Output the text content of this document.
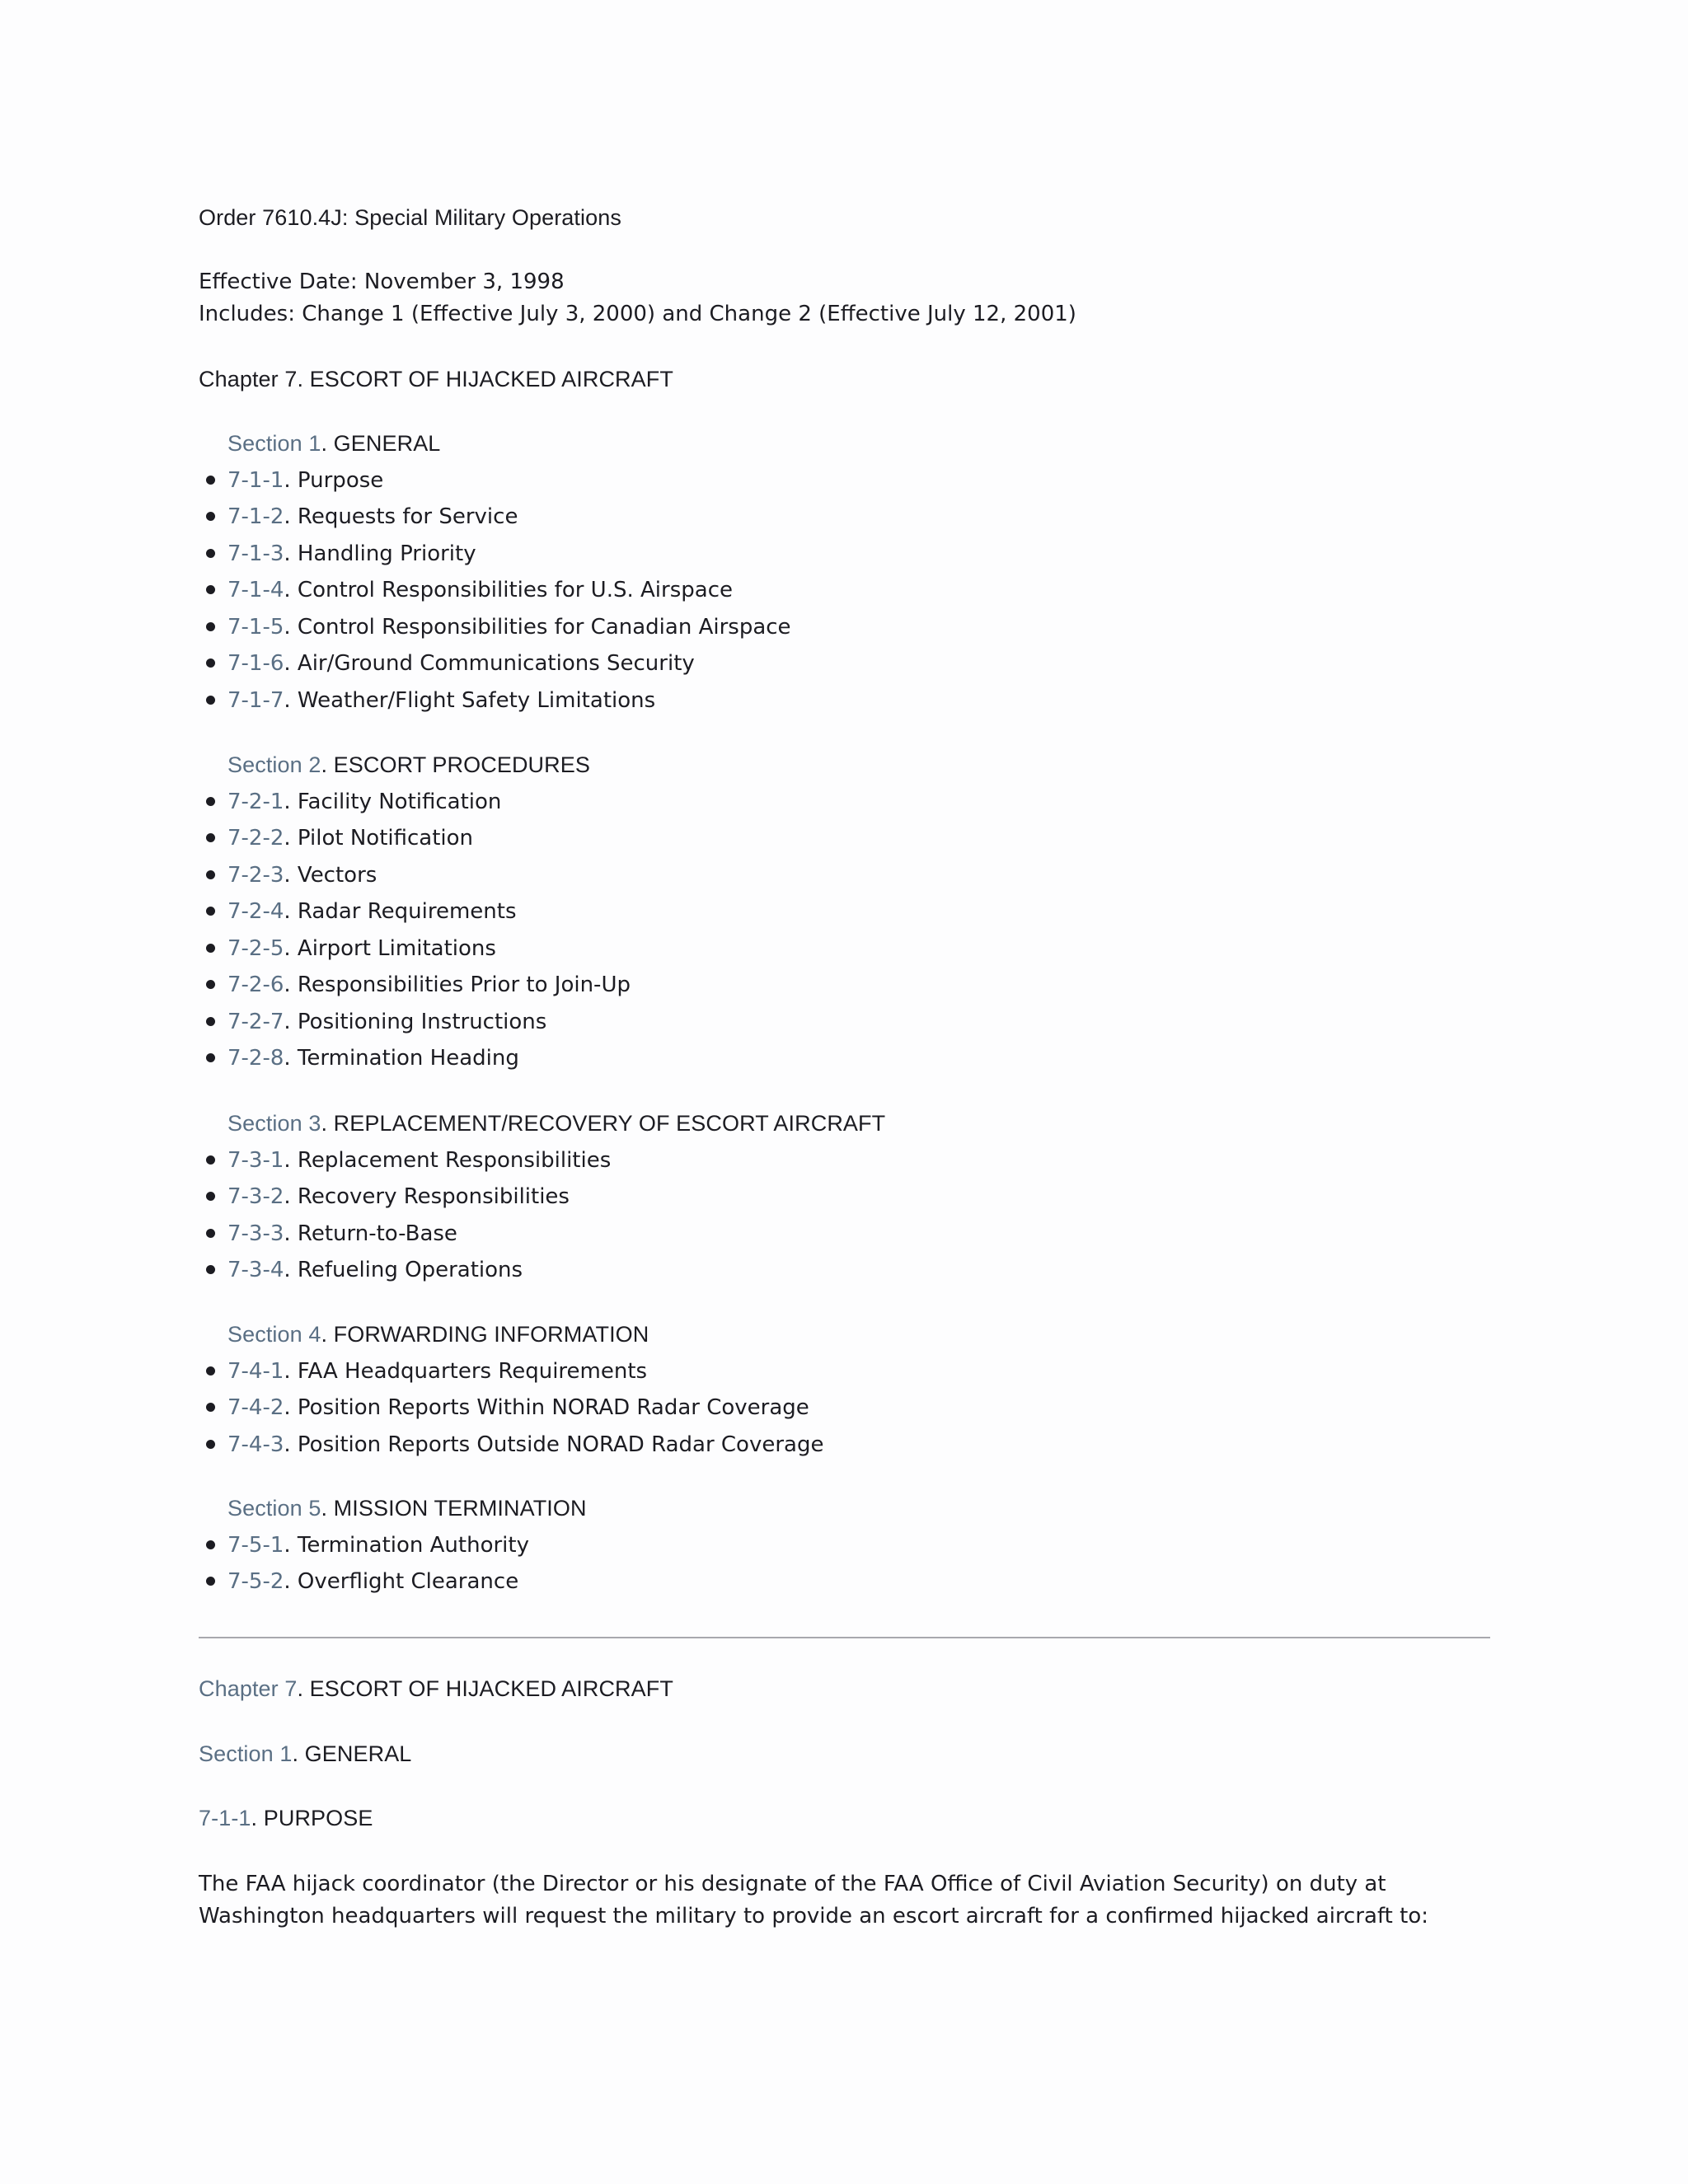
Order 7610.4J: Special Military Operations
Effective Date: November 3, 1998
Includes: Change 1 (Effective July 3, 2000) and Change 2 (Effective July 12, 2001)
Chapter 7. ESCORT OF HIJACKED AIRCRAFT
Section 1. GENERAL
7-1-1. Purpose
7-1-2. Requests for Service
7-1-3. Handling Priority
7-1-4. Control Responsibilities for U.S. Airspace
7-1-5. Control Responsibilities for Canadian Airspace
7-1-6. Air/Ground Communications Security
7-1-7. Weather/Flight Safety Limitations
Section 2. ESCORT PROCEDURES
7-2-1. Facility Notification
7-2-2. Pilot Notification
7-2-3. Vectors
7-2-4. Radar Requirements
7-2-5. Airport Limitations
7-2-6. Responsibilities Prior to Join-Up
7-2-7. Positioning Instructions
7-2-8. Termination Heading
Section 3. REPLACEMENT/RECOVERY OF ESCORT AIRCRAFT
7-3-1. Replacement Responsibilities
7-3-2. Recovery Responsibilities
7-3-3. Return-to-Base
7-3-4. Refueling Operations
Section 4. FORWARDING INFORMATION
7-4-1. FAA Headquarters Requirements
7-4-2. Position Reports Within NORAD Radar Coverage
7-4-3. Position Reports Outside NORAD Radar Coverage
Section 5. MISSION TERMINATION
7-5-1. Termination Authority
7-5-2. Overflight Clearance
Chapter 7. ESCORT OF HIJACKED AIRCRAFT
Section 1. GENERAL
7-1-1. PURPOSE
The FAA hijack coordinator (the Director or his designate of the FAA Office of Civil Aviation Security) on duty at Washington headquarters will request the military to provide an escort aircraft for a confirmed hijacked aircraft to:
